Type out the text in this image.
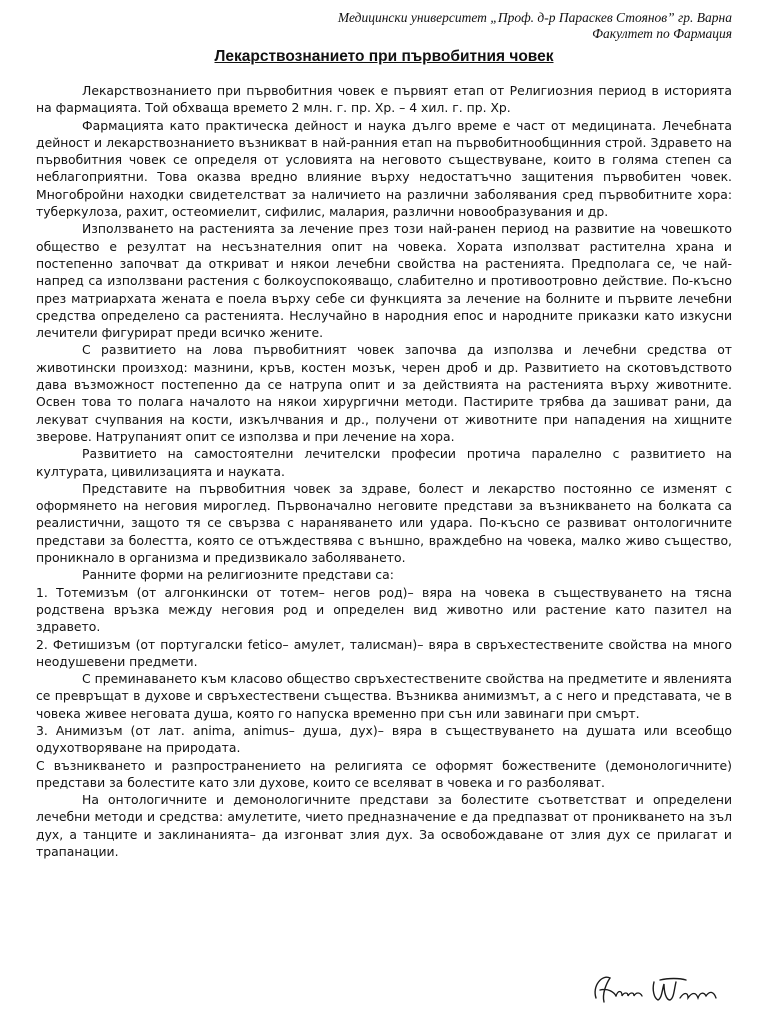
Медицински университет „Проф. д-р Параскев Стоянов” гр. Варна
Факултет по Фармация
Лекарствознанието при първобитния човек

Лекарствознанието при първобитния човек е първият етап от Религиозния период в историята на фармацията. Той обхваща времето 2 млн. г. пр. Хр. – 4 хил. г. пр. Хр.

Фармацията като практическа дейност и наука дълго време е част от медицината. Лечебната дейност и лекарствознанието възникват в най-ранния етап на първобитнообщинния строй. Здравето на първобитния човек се определя от условията на неговото съществуване, които в голяма степен са неблагоприятни. Това оказва вредно влияние върху недостатъчно защитения първобитен човек. Многобройни находки свидетелстват за наличието на различни заболявания сред първобитните хора: туберкулоза, рахит, остеомиелит, сифилис, малария, различни новообразувания и др.

Използването на растенията за лечение през този най-ранен период на развитие на човешкото общество е резултат на несъзнателния опит на човека. Хората използват растителна храна и постепенно започват да откриват и някои лечебни свойства на растенията. Предполага се, че най-напред са използвани растения с болкоуспокояващо, слабително и противоотровно действие. По-късно през матриархата жената е поела върху себе си функцията за лечение на болните и първите лечебни средства определено са растенията. Неслучайно в народния епос и народните приказки като изкусни лечители фигурират преди всичко жените.

С развитието на лова първобитният човек започва да използва и лечебни средства от животински произход: мазнини, кръв, костен мозък, черен дроб и др. Развитието на скотовъдството дава възможност постепенно да се натрупа опит и за действията на растенията върху животните. Освен това то полага началото на някои хирургични методи. Пастирите трябва да зашиват рани, да лекуват счупвания на кости, изкълчвания и др., получени от животните при нападения на хищните зверове. Натрупаният опит се използва и при лечение на хора.

Развитието на самостоятелни лечителски професии протича паралелно с развитието на културата, цивилизацията и науката.

Представите на първобитния човек за здраве, болест и лекарство постоянно се изменят с оформянето на неговия мироглед. Първоначално неговите представи за възникването на болката са реалистични, защото тя се свързва с нараняването или удара. По-късно се развиват онтологичните представи за болестта, която се отъждествява с външно, враждебно на човека, малко живо същество, проникнало в организма и предизвикало заболяването.

Ранните форми на религиозните представи са:

1. Тотемизъм (от алгонкински от тотем– негов род)– вяра на човека в съществуването на тясна родствена връзка между неговия род и определен вид животно или растение като пазител на здравето.

2. Фетишизъм (от португалски fetico– амулет, талисман)– вяра в свръхестествените свойства на много неодушевени предмети.

С преминаването към класово общество свръхестествените свойства на предметите и явленията се превръщат в духове и свръхестествени същества. Възниква анимизмът, а с него и представата, че в човека живее неговата душа, която го напуска временно при сън или завинаги при смърт.

3. Анимизъм (от лат. anima, animus– душа, дух)– вяра в съществуването на душата или всеобщо одухотворяване на природата.

С възникването и разпространението на религията се оформят божествените (демонологичните) представи за болестите като зли духове, които се вселяват в човека и го разболяват.

На онтологичните и демонологичните представи за болестите съответстват и определени лечебни методи и средства: амулетите, чието предназначение е да предпазват от проникването на зъл дух, а танците и заклинанията– да изгонват злия дух. За освобождаване от злия дух се прилагат и трапанации.
